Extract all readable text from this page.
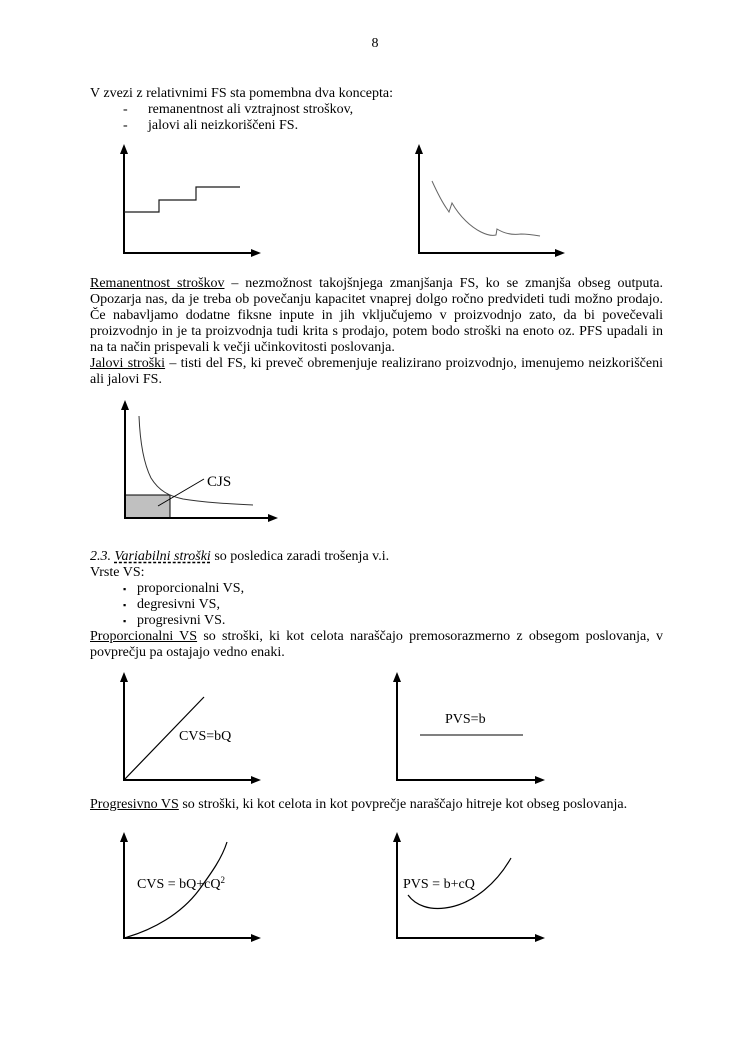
8

V zvezi z relativnimi FS sta pomembna dva koncepta:

-	remanentnost ali vztrajnost stroškov,
-	jalovi ali neizkoriščeni FS.

Remanentnost stroškov – nezmožnost takojšnjega zmanjšanja FS, ko se zmanjša obseg outputa. Opozarja nas, da je treba ob povečanju kapacitet vnaprej dolgo ročno predvideti tudi možno prodajo. Če nabavljamo dodatne fiksne inpute in jih vključujemo v proizvodnjo zato, da bi povečevali proizvodnjo in je ta proizvodnja tudi krita s prodajo, potem bodo stroški na enoto oz. PFS upadali in na ta način prispevali k večji učinkovitosti poslovanja.

Jalovi stroški – tisti del FS, ki preveč obremenjuje realizirano proizvodnjo, imenujemo neizkoriščeni ali jalovi FS.

CJS

2.3. Variabilni stroški so posledica zaradi trošenja v.i.

Vrste VS:

▪ proporcionalni VS,
▪ degresivni VS,
▪ progresivni VS.

Proporcionalni VS so stroški, ki kot celota naraščajo premosorazmerno z obsegom poslovanja, v povprečju pa ostajajo vedno enaki.

CVS=bQ
PVS=b

Progresivno VS so stroški, ki kot celota in kot povprečje naraščajo hitreje kot obseg poslovanja.

CVS = $bQ+cQ^2$	PVS = b+cQ
